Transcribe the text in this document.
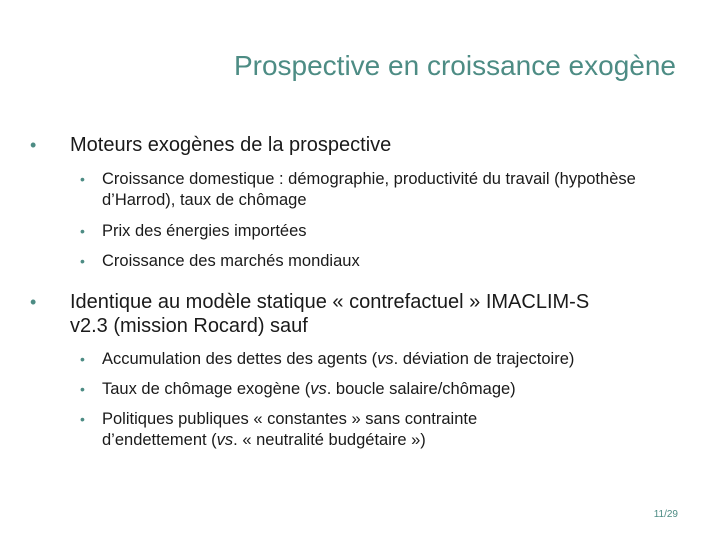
Prospective en croissance exogène
•	Moteurs exogènes de la prospective
•	Croissance domestique : démographie, productivité du travail (hypothèse d’Harrod), taux de chômage
•	Prix des énergies importées
•	Croissance des marchés mondiaux
•	Identique au modèle statique « contrefactuel » IMACLIM-S v2.3 (mission Rocard) sauf
•	Accumulation des dettes des agents (vs. déviation de trajectoire)
•	Taux de chômage exogène (vs. boucle salaire/chômage)
•	Politiques publiques « constantes » sans contrainte d’endettement (vs. « neutralité budgétaire »)
11/29
